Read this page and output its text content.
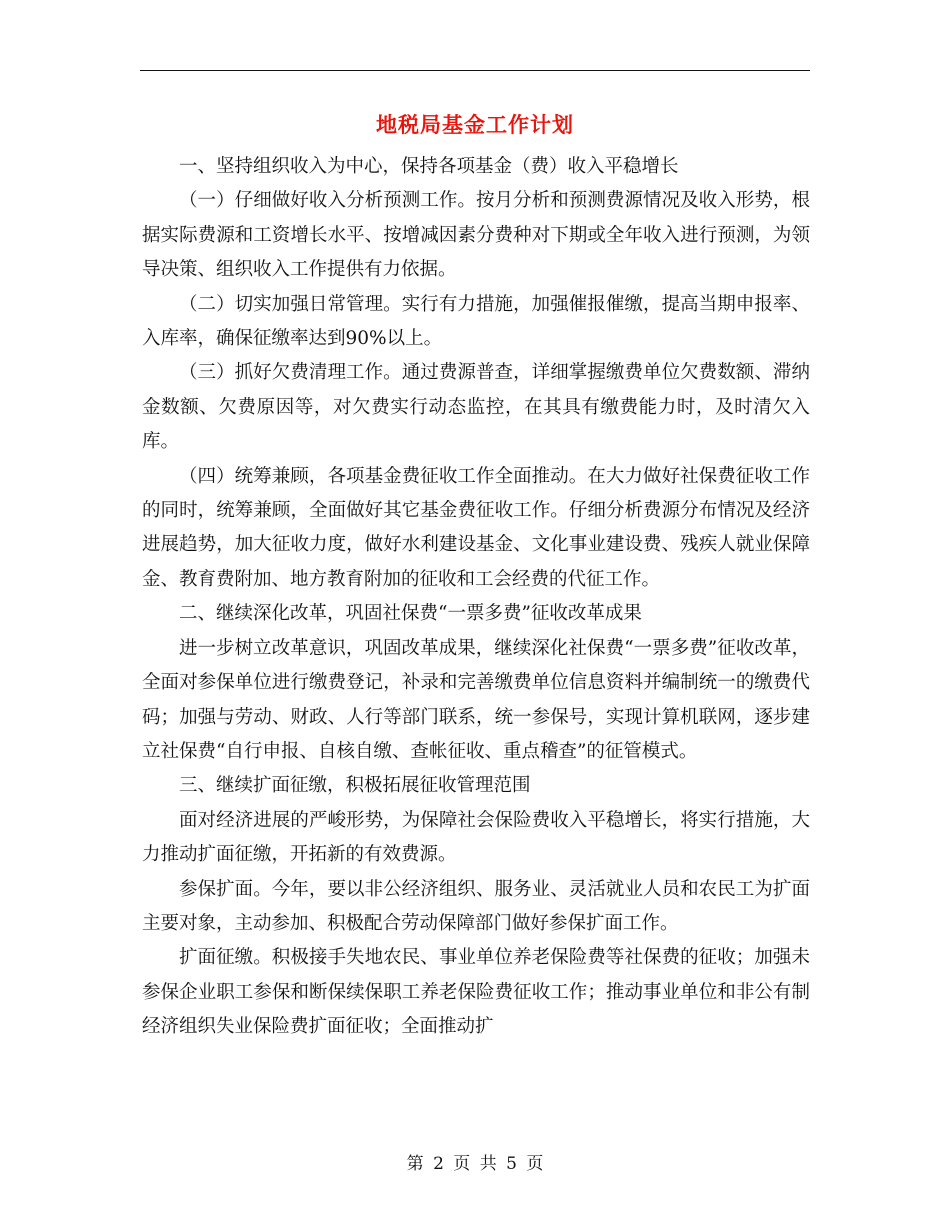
地税局基金工作计划

一、坚持组织收入为中心，保持各项基金（费）收入平稳增长

（一）仔细做好收入分析预测工作。按月分析和预测费源情况及收入形势，根据实际费源和工资增长水平、按增减因素分费种对下期或全年收入进行预测，为领导决策、组织收入工作提供有力依据。

（二）切实加强日常管理。实行有力措施，加强催报催缴，提高当期申报率、入库率，确保征缴率达到90%以上。

（三）抓好欠费清理工作。通过费源普查，详细掌握缴费单位欠费数额、滞纳金数额、欠费原因等，对欠费实行动态监控，在其具有缴费能力时，及时清欠入库。

（四）统筹兼顾，各项基金费征收工作全面推动。在大力做好社保费征收工作的同时，统筹兼顾，全面做好其它基金费征收工作。仔细分析费源分布情况及经济进展趋势，加大征收力度，做好水利建设基金、文化事业建设费、残疾人就业保障金、教育费附加、地方教育附加的征收和工会经费的代征工作。

二、继续深化改革，巩固社保费“一票多费”征收改革成果

进一步树立改革意识，巩固改革成果，继续深化社保费“一票多费”征收改革，全面对参保单位进行缴费登记，补录和完善缴费单位信息资料并编制统一的缴费代码；加强与劳动、财政、人行等部门联系，统一参保号，实现计算机联网，逐步建立社保费“自行申报、自核自缴、查帐征收、重点稽查”的征管模式。

三、继续扩面征缴，积极拓展征收管理范围

面对经济进展的严峻形势，为保障社会保险费收入平稳增长，将实行措施，大力推动扩面征缴，开拓新的有效费源。

参保扩面。今年，要以非公经济组织、服务业、灵活就业人员和农民工为扩面主要对象，主动参加、积极配合劳动保障部门做好参保扩面工作。

扩面征缴。积极接手失地农民、事业单位养老保险费等社保费的征收；加强未参保企业职工参保和断保续保职工养老保险费征收工作；推动事业单位和非公有制经济组织失业保险费扩面征收；全面推动扩

第 2 页 共 5 页
